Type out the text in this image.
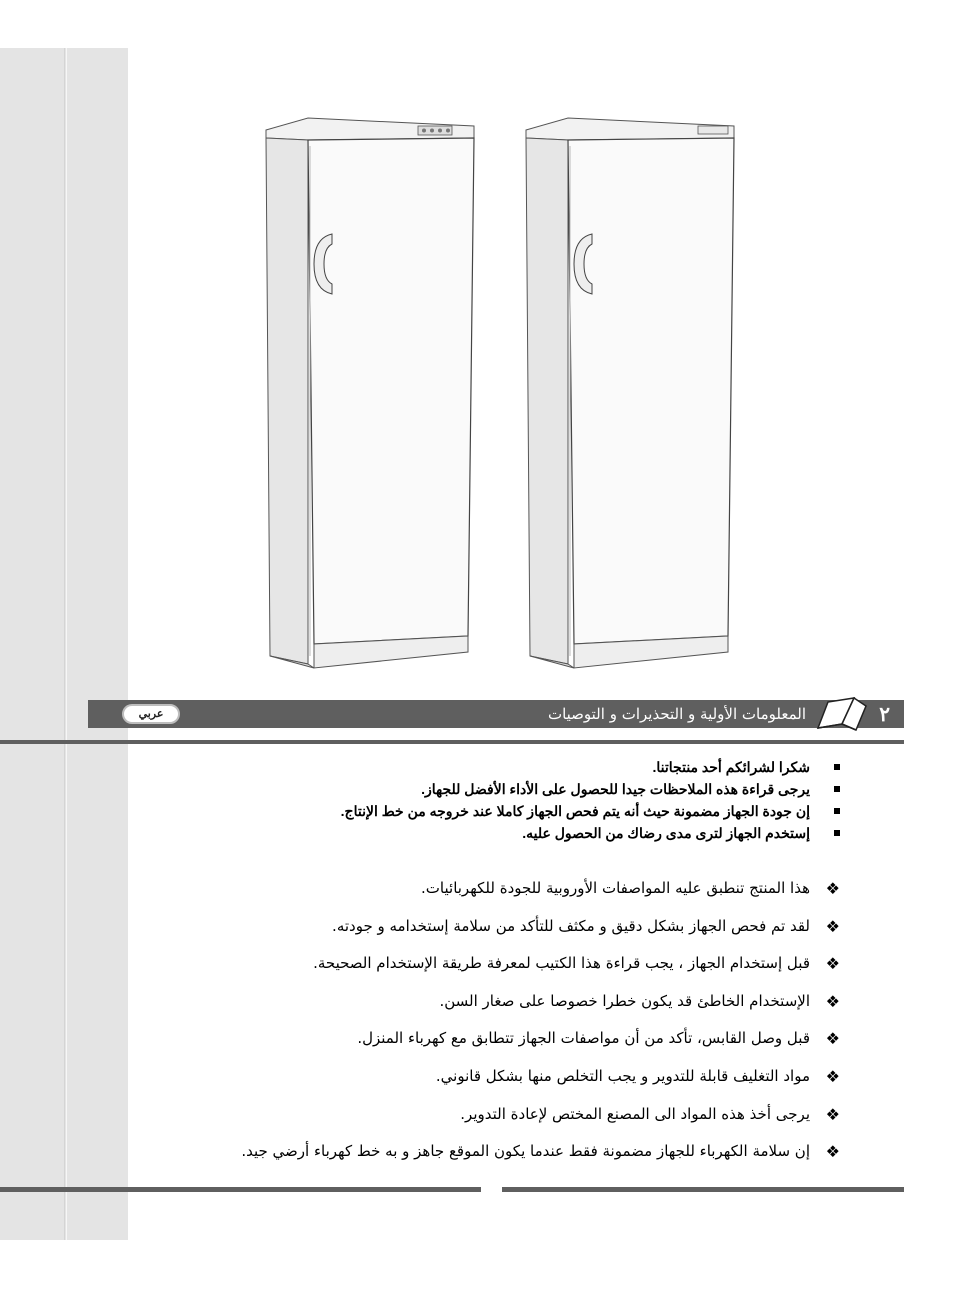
٢
المعلومات الأولية و التحذيرات و التوصيات
عربي
شكرا لشرائكم أحد منتجاتنا.
يرجى قراءة هذه الملاحظات جيدا للحصول على الأداء الأفضل للجهاز.
إن جودة الجهاز مضمونة حيث أنه يتم فحص الجهاز كاملا عند خروجه من خط الإنتاج.
إستخدم الجهاز لترى مدى رضاك من الحصول عليه.
❖
هذا المنتج تنطبق عليه المواصفات الأوروبية للجودة للكهربائيات.
❖
لقد تم فحص الجهاز بشكل دقيق و مكثف للتأكد من سلامة إستخدامه و جودته.
❖
قبل إستخدام الجهاز ، يجب قراءة هذا الكتيب لمعرفة طريقة الإستخدام الصحيحة.
❖
الإستخدام الخاطئ قد يكون خطرا خصوصا على صغار السن.
❖
قبل وصل القابس، تأكد من أن مواصفات الجهاز تتطابق مع كهرباء المنزل.
❖
مواد التغليف قابلة للتدوير و يجب التخلص منها بشكل قانوني.
❖
يرجى أخذ هذه المواد الى المصنع المختص لإعادة التدوير.
❖
إن سلامة الكهرباء للجهاز مضمونة فقط عندما يكون الموقع جاهز و به خط كهرباء أرضي جيد.
